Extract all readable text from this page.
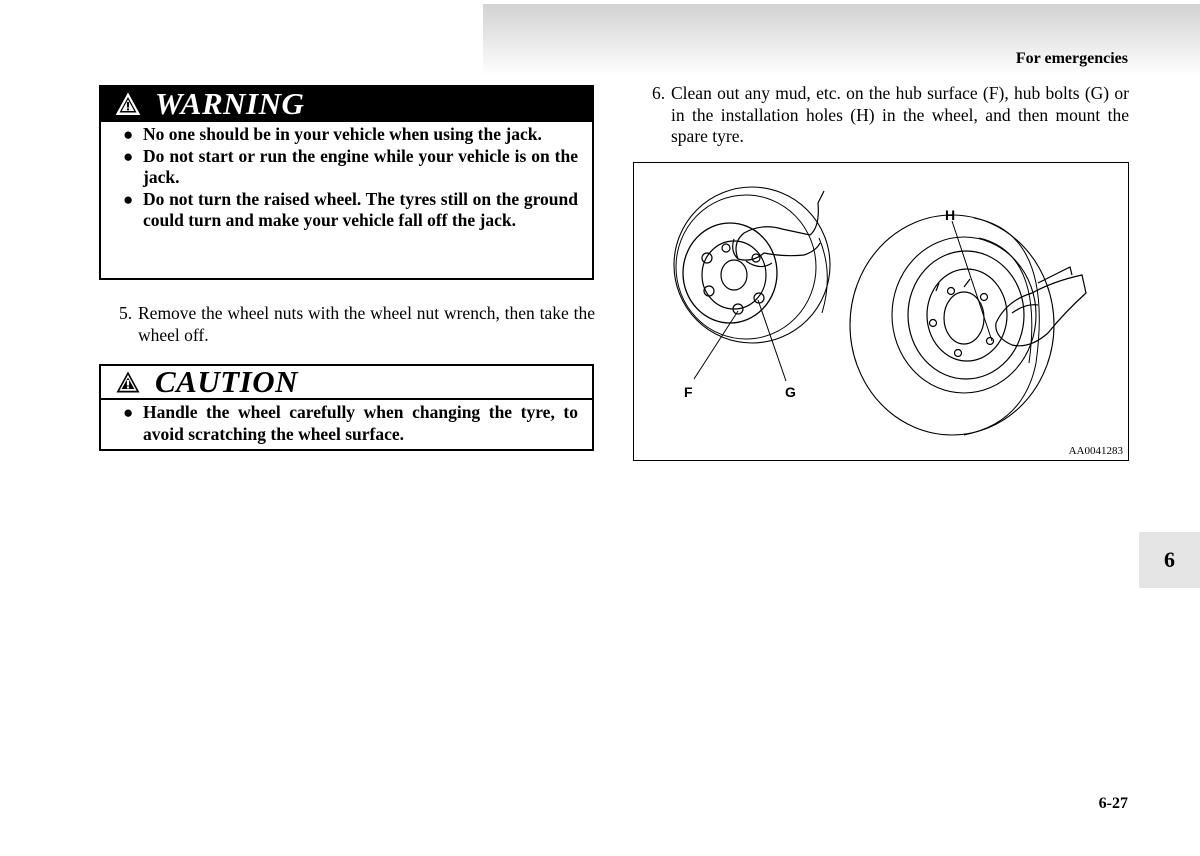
For emergencies
WARNING
● No one should be in your vehicle when using the jack.
● Do not start or run the engine while your vehicle is on the jack.
● Do not turn the raised wheel. The tyres still on the ground could turn and make your vehicle fall off the jack.
5. Remove the wheel nuts with the wheel nut wrench, then take the wheel off.
CAUTION
● Handle the wheel carefully when changing the tyre, to avoid scratching the wheel surface.
6. Clean out any mud, etc. on the hub surface (F), hub bolts (G) or in the installation holes (H) in the wheel, and then mount the spare tyre.
H
F	G
AA0041283
6
6-27
